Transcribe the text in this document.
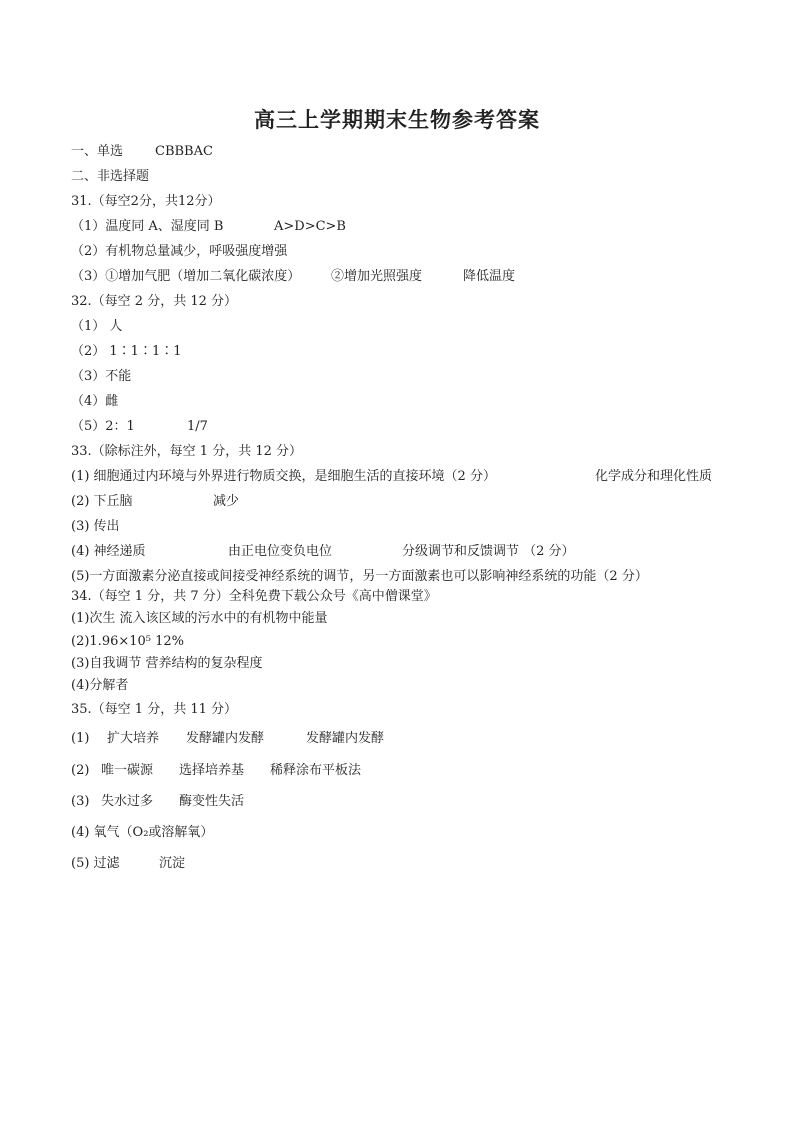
高三上学期期末生物参考答案
一、单选 CBBBAC
二、非选择题
31.（每空2分，共12分）
（1）温度同 A、湿度同 B	A>D>C>B
（2）有机物总量减少，呼吸强度增强
（3）①增加气肥（增加二氧化碳浓度） ②增加光照强度	降低温度
32.（每空 2 分，共 12 分）
（1） 人
（2） 1∶1∶1∶1
（3）不能
（4）雌
（5）2：1	1/7
33.（除标注外，每空 1 分，共 12 分）
(1) 细胞通过内环境与外界进行物质交换，是细胞生活的直接环境（2 分）	化学成分和理化性质
(2) 下丘脑	减少
(3) 传出
(4) 神经递质	由正电位变负电位	分级调节和反馈调节 （2 分）
(5)一方面激素分泌直接或间接受神经系统的调节，另一方面激素也可以影响神经系统的功能（2 分）
34.（每空 1 分，共 7 分）全科免费下载公众号《高中僧课堂》
(1)次生 流入该区域的污水中的有机物中能量
(2)1.96×10⁵ 12%
(3)自我调节 营养结构的复杂程度
(4)分解者
35.（每空 1 分，共 11 分）
(1) 扩大培养 发酵罐内发酵	发酵罐内发酵
(2) 唯一碳源 选择培养基 稀释涂布平板法
(3) 失水过多 酶变性失活
(4) 氧气（O₂或溶解氧）
(5) 过滤	沉淀
